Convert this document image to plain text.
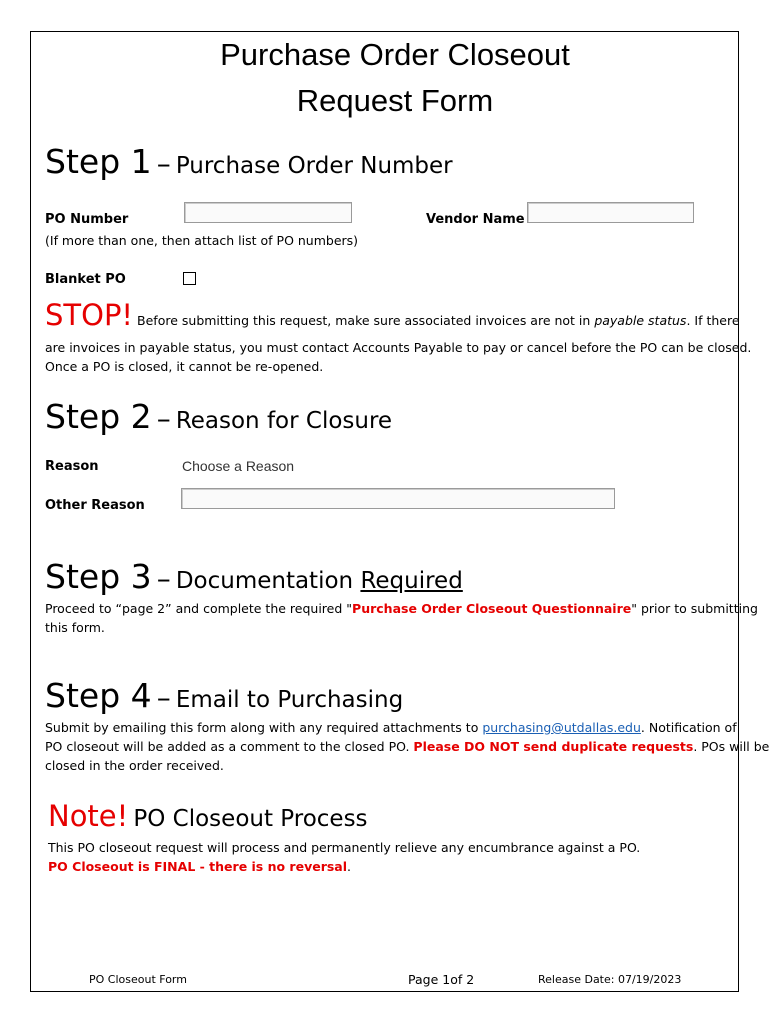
Purchase Order Closeout
Request Form
Step 1 – Purchase Order Number
PO Number
(If more than one, then attach list of PO numbers)
Vendor Name
Blanket PO
STOP! Before submitting this request, make sure associated invoices are not in payable status. If there
are invoices in payable status, you must contact Accounts Payable to pay or cancel before the PO can be closed.
Once a PO is closed, it cannot be re-opened.
Step 2 – Reason for Closure
Reason	Choose a Reason
Other Reason
Step 3 – Documentation Required
Proceed to “page 2” and complete the required "Purchase Order Closeout Questionnaire" prior to submitting
this form.
Step 4 – Email to Purchasing
Submit by emailing this form along with any required attachments to purchasing@utdallas.edu. Notification of
PO closeout will be added as a comment to the closed PO. Please DO NOT send duplicate requests. POs will be
closed in the order received.
Note! PO Closeout Process
This PO closeout request will process and permanently relieve any encumbrance against a PO.
PO Closeout is FINAL - there is no reversal.
PO Closeout Form	Page 1of 2	Release Date: 07/19/2023
